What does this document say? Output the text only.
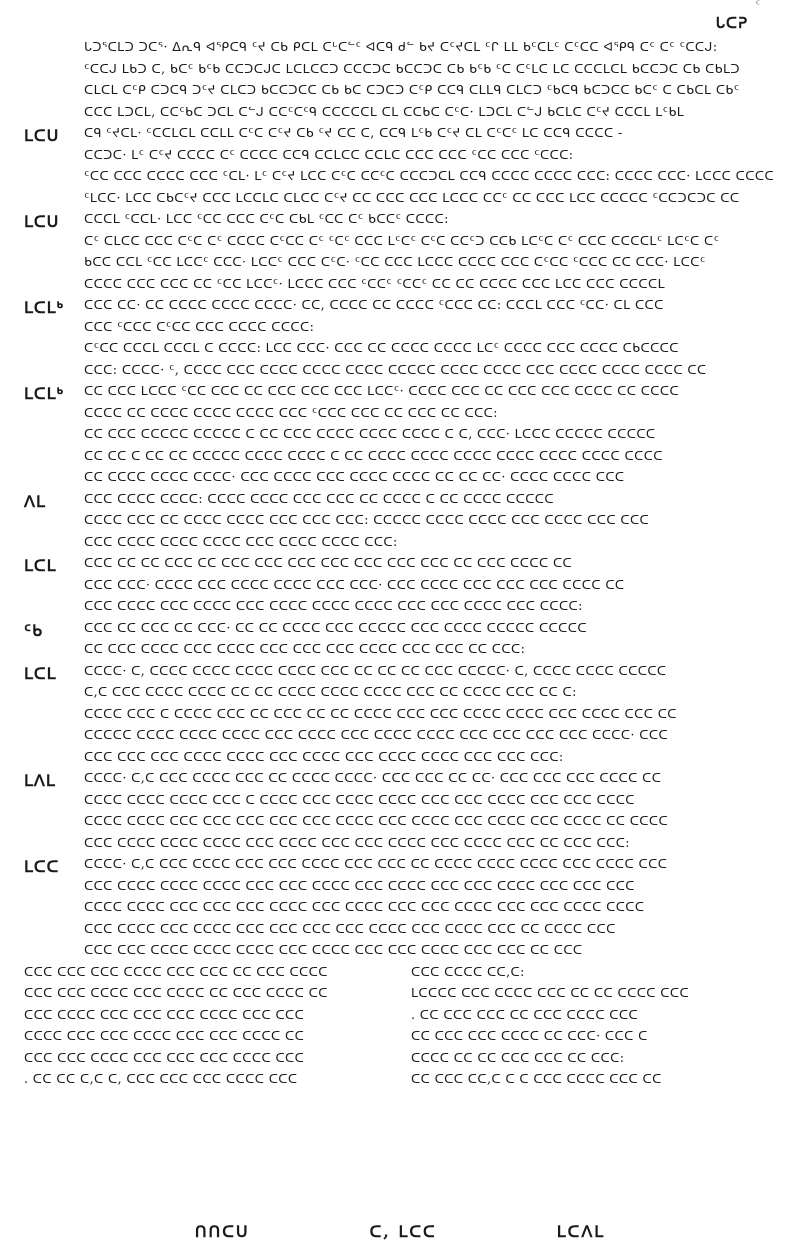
ᑦ
ᒐᑕᕈ
ᒐᑐᕐᑕᒪᑐ ᑐᑕᕐ· ᐃᕆᑫ ᐊᕿᑕᑫ ᑦᔪ ᑕᑲ ᑭᑕᒪ ᑕᒡᑕᓪᑦ ᐊᑕᑫ ᑯᓪ ᑲᔪ ᑕᑦᔪᑕᒪ ᑦᒋ ᒪᒪ ᑲᑦᑕᒪᑦ ᑕᑦᑕᑕ ᐊᕿᑫ ᑕᑦ ᑕᑦ ᑦᑕᑕᒍ:
ᑦᑕᑕᒍ ᒪᑲᑐ ᑕ, ᑲᑕᑦ ᑲᑦᑲ ᑕᑕᑐᑕᒍᑕ ᒪᑕᒪᑕᑕᑐ ᑕᑕᑕᑐᑕ ᑲᑕᑕᑐᑕ ᑕᑲ ᑲᑦᑲ ᑦᑕ ᑕᑦᒪᑕ ᒪᑕ ᑕᑕᑕᒪᑕᒪ ᑲᑕᑕᑐᑕ ᑕᑲ ᑕᑲᒪᑐ
ᑕᒪᑕᒪ ᑕᑦᑭ ᑕᑐᑕᑫ ᑐᑦᔪ ᑕᒪᑕᑐ ᑲᑕᑕᑐᑕᑕ ᑕᑲ ᑲᑕ ᑕᑐᑕᑐ ᑕᑦᑭ ᑕᑕᑫ ᑕᒪᒪᑫ ᑕᒪᑕᑐ ᑦᑲᑕᑫ ᑲᑕᑐᑕᑕ ᑲᑕᑦ ᑕ ᑕᑲᑕᒪ ᑕᑲᑦ
ᑕᑕᑕ ᒪᑐᑕᒪ, ᑕᑕᑦᑲᑕ ᑐᑕᒪ ᑕᓪᒍ ᑕᑕᑦᑕᑦᑫ ᑕᑕᑕᑕᑕᒪ ᑕᒪ ᑕᑕᑲᑕ ᑕᑦᑕ· ᒪᑐᑕᒪ ᑕᓪᒍ ᑲᑕᒪᑕ ᑕᑦᔪ ᑕᑕᑕᒪ ᒪᑦᑲᒪ
ᒪᑕᑌ	ᑕᑫ ᑦᔪᑕᒪ· ᑦᑕᑕᒪᑕᒪ ᑕᑕᒪᒪ ᑕᑦᑕ ᑕᑦᔪ ᑕᑲ ᑦᔪ ᑕᑕ ᑕ, ᑕᑕᑫ ᒪᑦᑲ ᑕᑦᔪ ᑕᒪ ᑕᑦᑕᑦ ᒪᑕ ᑕᑕᑫ ᑕᑕᑕᑕ -
ᑕᑕᑐᑕ· ᒪᑦ ᑕᑦᔪ ᑕᑕᑕᑕ ᑕᑦ ᑕᑕᑕᑕ ᑕᑕᑫ ᑕᑕᒪᑕᑕ ᑕᑕᒪᑕ ᑕᑕᑕ ᑕᑕᑕ ᑦᑕᑕ ᑕᑕᑕ ᑦᑕᑕᑕ:
ᑦᑕᑕ ᑕᑕᑕ ᑕᑕᑕᑕ ᑕᑕᑕ ᑦᑕᒪ· ᒪᑦ ᑕᑦᔪ ᒪᑕᑕ ᑕᑦᑕ ᑕᑕᑦᑕ ᑕᑕᑕᑐᑕᒪ ᑕᑕᑫ ᑕᑕᑕᑕ ᑕᑕᑕᑕ ᑕᑕᑕ: ᑕᑕᑕᑕ ᑕᑕᑕ· ᒪᑕᑕᑕ ᑕᑕᑕᑕ
ᑦᒪᑕᑕ· ᒪᑕᑕ ᑕᑲᑕᑦᔪ ᑕᑕᑕ ᒪᑕᑕᒪᑕ ᑕᒪᑕᑕ ᑕᑦᔪ ᑕᑕ ᑕᑕᑕ ᑕᑕᑕ ᒪᑕᑕᑕ ᑕᑕᑦ ᑕᑕ ᑕᑕᑕ ᒪᑕᑕ ᑕᑕᑕᑕᑕ ᑦᑕᑕᑐᑕᑐᑕ ᑕᑕ
ᒪᑕᑌ	ᑕᑕᑕᒪ ᑦᑕᑕᒪ· ᒪᑕᑕ ᑦᑕᑕ ᑕᑕᑕ ᑕᑦᑕ ᑕᑲᒪ ᑦᑕᑕ ᑕᑦ ᑲᑕᑕᑦ ᑕᑕᑕᑕ:
ᑕᑦ ᑕᒪᑕᑕ ᑕᑕᑕ ᑕᑦᑕ ᑕᑦ ᑕᑕᑕᑕ ᑕᑦᑕᑕ ᑕᑦ ᑦᑕᑦ ᑕᑕᑕ ᒪᑦᑕᑦ ᑕᑦᑕ ᑕᑕᑦᑐ ᑕᑕᑲ ᒪᑕᑦᑕ ᑕᑦ ᑕᑕᑕ ᑕᑕᑕᑕᒪᑦ ᒪᑕᑦᑕ ᑕᑦ
ᑲᑕᑕ ᑕᑕᒪ ᑦᑕᑕ ᒪᑕᑕᑦ ᑕᑕᑕ· ᒪᑕᑕᑦ ᑕᑕᑕ ᑕᑦᑕ· ᑦᑕᑕ ᑕᑕᑕ ᒪᑕᑕᑕ ᑕᑕᑕᑕ ᑕᑕᑕ ᑕᑦᑕᑕ ᑦᑕᑕᑕ ᑕᑕ ᑕᑕᑕ· ᒪᑕᑕᑦ
ᑕᑕᑕᑕ ᑕᑕᑕ ᑕᑕᑕ ᑕᑕ ᑦᑕᑕ ᒪᑕᑕᑦ· ᒪᑕᑕᑕ ᑕᑕᑕ ᑦᑕᑕᑦ ᑦᑕᑕᑦ ᑕᑕ ᑕᑕ ᑕᑕᑕᑕ ᑕᑕᑕ ᒪᑕᑕ ᑕᑕᑕ ᑕᑕᑕᑕᒪ
ᒪᑕᒪᒃ	ᑕᑕᑕ ᑕᑕ· ᑕᑕ ᑕᑕᑕᑕ ᑕᑕᑕᑕ ᑕᑕᑕᑕ· ᑕᑕ, ᑕᑕᑕᑕ ᑕᑕ ᑕᑕᑕᑕ ᑦᑕᑕᑕ ᑕᑕ: ᑕᑕᑕᒪ ᑕᑕᑕ ᑦᑕᑕ· ᑕᒪ ᑕᑕᑕ
ᑕᑕᑕ ᑦᑕᑕᑕ ᑕᑦᑕᑕ ᑕᑕᑕ ᑕᑕᑕᑕ ᑕᑕᑕᑕ:
ᑕᑦᑕᑕ ᑕᑕᑕᒪ ᑕᑕᑕᒪ ᑕ ᑕᑕᑕᑕ: ᒪᑕᑕ ᑕᑕᑕ· ᑕᑕᑕ ᑕᑕ ᑕᑕᑕᑕ ᑕᑕᑕᑕ ᒪᑕᑦ ᑕᑕᑕᑕ ᑕᑕᑕ ᑕᑕᑕᑕ ᑕᑲᑕᑕᑕᑕ
ᑕᑕᑕ: ᑕᑕᑕᑕ· ᑦ, ᑕᑕᑕᑕ ᑕᑕᑕ ᑕᑕᑕᑕ ᑕᑕᑕᑕ ᑕᑕᑕᑕ ᑕᑕᑕᑕᑕ ᑕᑕᑕᑕ ᑕᑕᑕᑕ ᑕᑕᑕ ᑕᑕᑕᑕ ᑕᑕᑕᑕ ᑕᑕᑕᑕ ᑕᑕ
ᒪᑕᒪᒃ	ᑕᑕ ᑕᑕᑕ ᒪᑕᑕᑕ ᑦᑕᑕ ᑕᑕᑕ ᑕᑕ ᑕᑕᑕ ᑕᑕᑕ ᑕᑕᑕ ᒪᑕᑕᑦ· ᑕᑕᑕᑕ ᑕᑕᑕ ᑕᑕ ᑕᑕᑕ ᑕᑕᑕ ᑕᑕᑕᑕ ᑕᑕ ᑕᑕᑕᑕ
ᑕᑕᑕᑕ ᑕᑕ ᑕᑕᑕᑕ ᑕᑕᑕᑕ ᑕᑕᑕᑕ ᑕᑕᑕ ᑦᑕᑕᑕ ᑕᑕᑕ ᑕᑕ ᑕᑕᑕ ᑕᑕ ᑕᑕᑕ:
ᑕᑕ ᑕᑕᑕ ᑕᑕᑕᑕᑕ ᑕᑕᑕᑕᑕ ᑕ ᑕᑕ ᑕᑕᑕ ᑕᑕᑕᑕ ᑕᑕᑕᑕ ᑕᑕᑕᑕ ᑕ ᑕ, ᑕᑕᑕ· ᒪᑕᑕᑕ ᑕᑕᑕᑕᑕ ᑕᑕᑕᑕᑕ
ᑕᑕ ᑕᑕ ᑕ ᑕᑕ ᑕᑕ ᑕᑕᑕᑕᑕ ᑕᑕᑕᑕ ᑕᑕᑕᑕ ᑕ ᑕᑕ ᑕᑕᑕᑕ ᑕᑕᑕᑕ ᑕᑕᑕᑕ ᑕᑕᑕᑕ ᑕᑕᑕᑕ ᑕᑕᑕᑕ ᑕᑕᑕᑕ
ᑕᑕ ᑕᑕᑕᑕ ᑕᑕᑕᑕ ᑕᑕᑕᑕ· ᑕᑕᑕ ᑕᑕᑕᑕ ᑕᑕᑕ ᑕᑕᑕᑕ ᑕᑕᑕᑕ ᑕᑕ ᑕᑕ ᑕᑕ· ᑕᑕᑕᑕ ᑕᑕᑕᑕ ᑕᑕᑕ
ᐱᒪ	ᑕᑕᑕ ᑕᑕᑕᑕ ᑕᑕᑕᑕ: ᑕᑕᑕᑕ ᑕᑕᑕᑕ ᑕᑕᑕ ᑕᑕᑕ ᑕᑕ ᑕᑕᑕᑕ ᑕ ᑕᑕ ᑕᑕᑕᑕ ᑕᑕᑕᑕᑕ
ᑕᑕᑕᑕ ᑕᑕᑕ ᑕᑕ ᑕᑕᑕᑕ ᑕᑕᑕᑕ ᑕᑕᑕ ᑕᑕᑕ ᑕᑕᑕ: ᑕᑕᑕᑕᑕ ᑕᑕᑕᑕ ᑕᑕᑕᑕ ᑕᑕᑕ ᑕᑕᑕᑕ ᑕᑕᑕ ᑕᑕᑕ
ᑕᑕᑕ ᑕᑕᑕᑕ ᑕᑕᑕᑕ ᑕᑕᑕᑕ ᑕᑕᑕ ᑕᑕᑕᑕ ᑕᑕᑕᑕ ᑕᑕᑕ:
ᒪᑕᒪ	ᑕᑕᑕ ᑕᑕ ᑕᑕ ᑕᑕᑕ ᑕᑕ ᑕᑕᑕ ᑕᑕᑕ ᑕᑕᑕ ᑕᑕᑕ ᑕᑕᑕ ᑕᑕᑕ ᑕᑕᑕ ᑕᑕ ᑕᑕᑕ ᑕᑕᑕᑕ ᑕᑕ
ᑕᑕᑕ ᑕᑕᑕ· ᑕᑕᑕᑕ ᑕᑕᑕ ᑕᑕᑕᑕ ᑕᑕᑕᑕ ᑕᑕᑕ ᑕᑕᑕ· ᑕᑕᑕ ᑕᑕᑕᑕ ᑕᑕᑕ ᑕᑕᑕ ᑕᑕᑕ ᑕᑕᑕᑕ ᑕᑕ
ᑕᑕᑕ ᑕᑕᑕᑕ ᑕᑕᑕ ᑕᑕᑕᑕ ᑕᑕᑕ ᑕᑕᑕᑕ ᑕᑕᑕᑕ ᑕᑕᑕᑕ ᑕᑕᑕ ᑕᑕᑕ ᑕᑕᑕᑕ ᑕᑕᑕ ᑕᑕᑕᑕ:
ᑦᑲ	ᑕᑕᑕ ᑕᑕ ᑕᑕᑕ ᑕᑕ ᑕᑕᑕ· ᑕᑕ ᑕᑕ ᑕᑕᑕᑕ ᑕᑕᑕ ᑕᑕᑕᑕᑕ ᑕᑕᑕ ᑕᑕᑕᑕ ᑕᑕᑕᑕᑕ ᑕᑕᑕᑕᑕ
ᑕᑕ ᑕᑕᑕ ᑕᑕᑕᑕ ᑕᑕᑕ ᑕᑕᑕᑕ ᑕᑕᑕ ᑕᑕᑕ ᑕᑕᑕ ᑕᑕᑕᑕ ᑕᑕᑕ ᑕᑕᑕ ᑕᑕ ᑕᑕᑕ:
ᒪᑕᒪ	ᑕᑕᑕᑕ· ᑕ, ᑕᑕᑕᑕ ᑕᑕᑕᑕ ᑕᑕᑕᑕ ᑕᑕᑕᑕ ᑕᑕᑕ ᑕᑕ ᑕᑕ ᑕᑕ ᑕᑕᑕ ᑕᑕᑕᑕᑕ· ᑕ, ᑕᑕᑕᑕ ᑕᑕᑕᑕ ᑕᑕᑕᑕᑕ
ᑕ,ᑕ ᑕᑕᑕ ᑕᑕᑕᑕ ᑕᑕᑕᑕ ᑕᑕ ᑕᑕ ᑕᑕᑕᑕ ᑕᑕᑕᑕ ᑕᑕᑕᑕ ᑕᑕᑕ ᑕᑕ ᑕᑕᑕᑕ ᑕᑕᑕ ᑕᑕ ᑕ:
ᑕᑕᑕᑕ ᑕᑕᑕ ᑕ ᑕᑕᑕᑕ ᑕᑕᑕ ᑕᑕ ᑕᑕᑕ ᑕᑕ ᑕᑕ ᑕᑕᑕᑕ ᑕᑕᑕ ᑕᑕᑕ ᑕᑕᑕᑕ ᑕᑕᑕᑕ ᑕᑕᑕ ᑕᑕᑕᑕ ᑕᑕᑕ ᑕᑕ
ᑕᑕᑕᑕᑕ ᑕᑕᑕᑕ ᑕᑕᑕᑕ ᑕᑕᑕᑕ ᑕᑕᑕ ᑕᑕᑕᑕ ᑕᑕᑕ ᑕᑕᑕᑕ ᑕᑕᑕᑕ ᑕᑕᑕ ᑕᑕᑕ ᑕᑕᑕ ᑕᑕᑕ ᑕᑕᑕᑕ· ᑕᑕᑕ
ᑕᑕᑕ ᑕᑕᑕ ᑕᑕᑕ ᑕᑕᑕᑕ ᑕᑕᑕᑕ ᑕᑕᑕ ᑕᑕᑕᑕ ᑕᑕᑕ ᑕᑕᑕᑕ ᑕᑕᑕᑕ ᑕᑕᑕ ᑕᑕᑕ ᑕᑕᑕ:
ᒪᐱᒪ	ᑕᑕᑕᑕ· ᑕ,ᑕ ᑕᑕᑕ ᑕᑕᑕᑕ ᑕᑕᑕ ᑕᑕ ᑕᑕᑕᑕ ᑕᑕᑕᑕ· ᑕᑕᑕ ᑕᑕᑕ ᑕᑕ ᑕᑕ· ᑕᑕᑕ ᑕᑕᑕ ᑕᑕᑕ ᑕᑕᑕᑕ ᑕᑕ
ᑕᑕᑕᑕ ᑕᑕᑕᑕ ᑕᑕᑕᑕ ᑕᑕᑕ ᑕ ᑕᑕᑕᑕ ᑕᑕᑕ ᑕᑕᑕᑕ ᑕᑕᑕᑕ ᑕᑕᑕ ᑕᑕᑕ ᑕᑕᑕᑕ ᑕᑕᑕ ᑕᑕᑕ ᑕᑕᑕᑕ
ᑕᑕᑕᑕ ᑕᑕᑕᑕ ᑕᑕᑕ ᑕᑕᑕ ᑕᑕᑕ ᑕᑕᑕ ᑕᑕᑕ ᑕᑕᑕᑕ ᑕᑕᑕ ᑕᑕᑕᑕ ᑕᑕᑕ ᑕᑕᑕᑕ ᑕᑕᑕ ᑕᑕᑕᑕ ᑕᑕ ᑕᑕᑕᑕ
ᑕᑕᑕ ᑕᑕᑕᑕ ᑕᑕᑕᑕ ᑕᑕᑕᑕ ᑕᑕᑕ ᑕᑕᑕᑕ ᑕᑕᑕ ᑕᑕᑕ ᑕᑕᑕᑕ ᑕᑕᑕ ᑕᑕᑕᑕ ᑕᑕᑕ ᑕᑕ ᑕᑕᑕ ᑕᑕᑕ:
ᒪᑕᑕ	ᑕᑕᑕᑕ· ᑕ,ᑕ ᑕᑕᑕ ᑕᑕᑕᑕ ᑕᑕᑕ ᑕᑕᑕ ᑕᑕᑕᑕ ᑕᑕᑕ ᑕᑕᑕ ᑕᑕ ᑕᑕᑕᑕ ᑕᑕᑕᑕ ᑕᑕᑕᑕ ᑕᑕᑕ ᑕᑕᑕᑕ ᑕᑕᑕ
ᑕᑕᑕ ᑕᑕᑕᑕ ᑕᑕᑕᑕ ᑕᑕᑕᑕ ᑕᑕᑕ ᑕᑕᑕ ᑕᑕᑕᑕ ᑕᑕᑕ ᑕᑕᑕᑕ ᑕᑕᑕ ᑕᑕᑕ ᑕᑕᑕᑕ ᑕᑕᑕ ᑕᑕᑕ ᑕᑕᑕ
ᑕᑕᑕᑕ ᑕᑕᑕᑕ ᑕᑕᑕ ᑕᑕᑕ ᑕᑕᑕ ᑕᑕᑕᑕ ᑕᑕᑕ ᑕᑕᑕᑕ ᑕᑕᑕ ᑕᑕᑕ ᑕᑕᑕᑕ ᑕᑕᑕ ᑕᑕᑕ ᑕᑕᑕᑕ ᑕᑕᑕᑕ
ᑕᑕᑕ ᑕᑕᑕᑕ ᑕᑕᑕ ᑕᑕᑕᑕ ᑕᑕᑕ ᑕᑕᑕ ᑕᑕᑕ ᑕᑕᑕ ᑕᑕᑕᑕ ᑕᑕᑕ ᑕᑕᑕᑕ ᑕᑕᑕ ᑕᑕ ᑕᑕᑕᑕ ᑕᑕᑕ
ᑕᑕᑕ ᑕᑕᑕ ᑕᑕᑕᑕ ᑕᑕᑕᑕ ᑕᑕᑕᑕ ᑕᑕᑕ ᑕᑕᑕᑕ ᑕᑕᑕ ᑕᑕᑕ ᑕᑕᑕᑕ ᑕᑕᑕ ᑕᑕᑕ ᑕᑕ ᑕᑕᑕ
ᑕᑕᑕ ᑕᑕᑕ ᑕᑕᑕ ᑕᑕᑕᑕ ᑕᑕᑕ ᑕᑕᑕ ᑕᑕ ᑕᑕᑕ ᑕᑕᑕᑕ
ᑕᑕᑕ ᑕᑕᑕ ᑕᑕᑕᑕ ᑕᑕᑕ ᑕᑕᑕᑕ ᑕᑕ ᑕᑕᑕ ᑕᑕᑕᑕ ᑕᑕ
ᑕᑕᑕ ᑕᑕᑕᑕ ᑕᑕᑕ ᑕᑕᑕ ᑕᑕᑕ ᑕᑕᑕᑕ ᑕᑕᑕ ᑕᑕᑕ
ᑕᑕᑕᑕ ᑕᑕᑕ ᑕᑕᑕ ᑕᑕᑕᑕ ᑕᑕᑕ ᑕᑕᑕ ᑕᑕᑕᑕ ᑕᑕ
ᑕᑕᑕ ᑕᑕᑕ ᑕᑕᑕᑕ ᑕᑕᑕ ᑕᑕᑕ ᑕᑕᑕ ᑕᑕᑕᑕ ᑕᑕᑕ
. ᑕᑕ ᑕᑕ ᑕ,ᑕ ᑕ, ᑕᑕᑕ ᑕᑕᑕ ᑕᑕᑕ ᑕᑕᑕᑕ ᑕᑕᑕ
ᑕᑕᑕ ᑕᑕᑕᑕ ᑕᑕ,ᑕ:
ᒪᑕᑕᑕᑕ ᑕᑕᑕ ᑕᑕᑕᑕ ᑕᑕᑕ ᑕᑕ ᑕᑕ ᑕᑕᑕᑕ ᑕᑕᑕ
. ᑕᑕ ᑕᑕᑕ ᑕᑕᑕ ᑕᑕ ᑕᑕᑕ ᑕᑕᑕᑕ ᑕᑕᑕ
ᑕᑕ ᑕᑕᑕ ᑕᑕᑕ ᑕᑕᑕᑕ ᑕᑕ ᑕᑕᑕ· ᑕᑕᑕ ᑕ
ᑕᑕᑕᑕ ᑕᑕ ᑕᑕ ᑕᑕᑕ ᑕᑕᑕ ᑕᑕ ᑕᑕᑕ:
ᑕᑕ ᑕᑕᑕ ᑕᑕ,ᑕ ᑕ ᑕ ᑕᑕᑕ ᑕᑕᑕᑕ ᑕᑕᑕ ᑕᑕ
ᑎᑎᑕᑌ	ᑕ, ᒪᑕᑕ	ᒪᑕᐱᒪ
